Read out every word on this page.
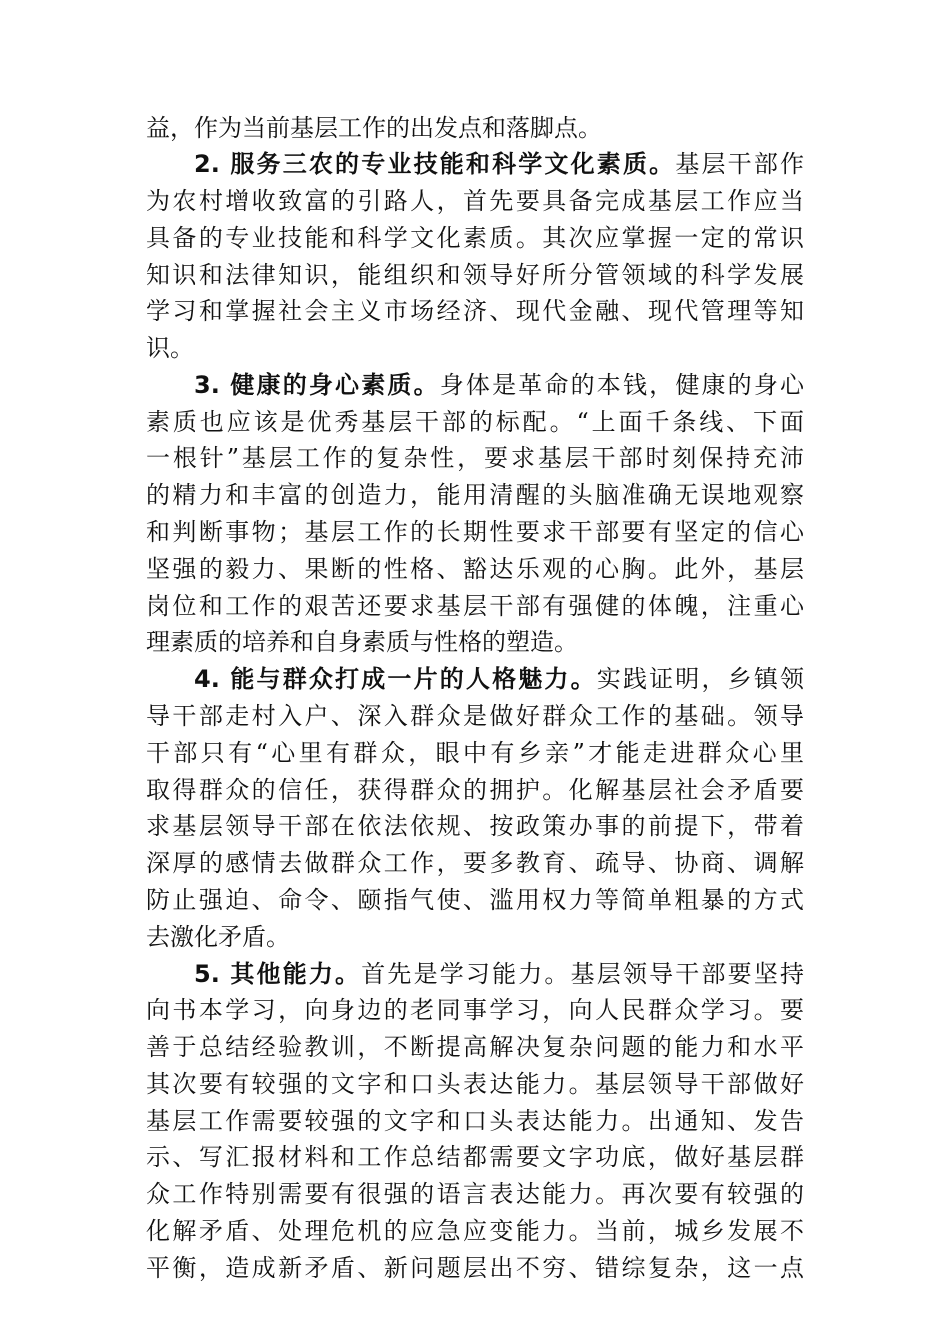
益，作为当前基层工作的出发点和落脚点。
2. 服务三农的专业技能和科学文化素质。基层干部作
为农村增收致富的引路人，首先要具备完成基层工作应当
具备的专业技能和科学文化素质。其次应掌握一定的常识
知识和法律知识，能组织和领导好所分管领域的科学发展
学习和掌握社会主义市场经济、现代金融、现代管理等知
识。
3. 健康的身心素质。身体是革命的本钱，健康的身心
素质也应该是优秀基层干部的标配。“上面千条线、下面
一根针”基层工作的复杂性，要求基层干部时刻保持充沛
的精力和丰富的创造力，能用清醒的头脑准确无误地观察
和判断事物；基层工作的长期性要求干部要有坚定的信心
坚强的毅力、果断的性格、豁达乐观的心胸。此外，基层
岗位和工作的艰苦还要求基层干部有强健的体魄，注重心
理素质的培养和自身素质与性格的塑造。
4. 能与群众打成一片的人格魅力。实践证明，乡镇领
导干部走村入户、深入群众是做好群众工作的基础。领导
干部只有“心里有群众，眼中有乡亲”才能走进群众心里
取得群众的信任，获得群众的拥护。化解基层社会矛盾要
求基层领导干部在依法依规、按政策办事的前提下，带着
深厚的感情去做群众工作，要多教育、疏导、协商、调解
防止强迫、命令、颐指气使、滥用权力等简单粗暴的方式
去激化矛盾。
5. 其他能力。首先是学习能力。基层领导干部要坚持
向书本学习，向身边的老同事学习，向人民群众学习。要
善于总结经验教训，不断提高解决复杂问题的能力和水平
其次要有较强的文字和口头表达能力。基层领导干部做好
基层工作需要较强的文字和口头表达能力。出通知、发告
示、写汇报材料和工作总结都需要文字功底，做好基层群
众工作特别需要有很强的语言表达能力。再次要有较强的
化解矛盾、处理危机的应急应变能力。当前，城乡发展不
平衡，造成新矛盾、新问题层出不穷、错综复杂，这一点
